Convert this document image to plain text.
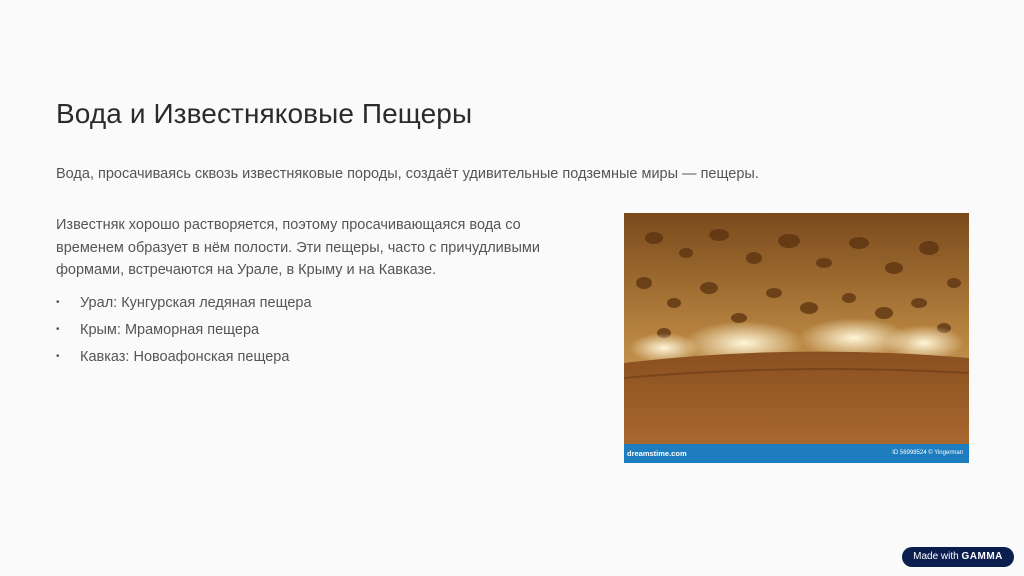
Вода и Известняковые Пещеры

Вода, просачиваясь сквозь известняковые породы, создаёт удивительные подземные миры — пещеры.

Известняк хорошо растворяется, поэтому просачивающаяся вода со временем образует в нём полости. Эти пещеры, часто с причудливыми формами, встречаются на Урале, в Крыму и на Кавказе.

• Урал: Кунгурская ледяная пещера
• Крым: Мраморная пещера
• Кавказ: Новоафонская пещера
dreamstime.com	ID 56998524 © Yingerman
Made with GAMMA
